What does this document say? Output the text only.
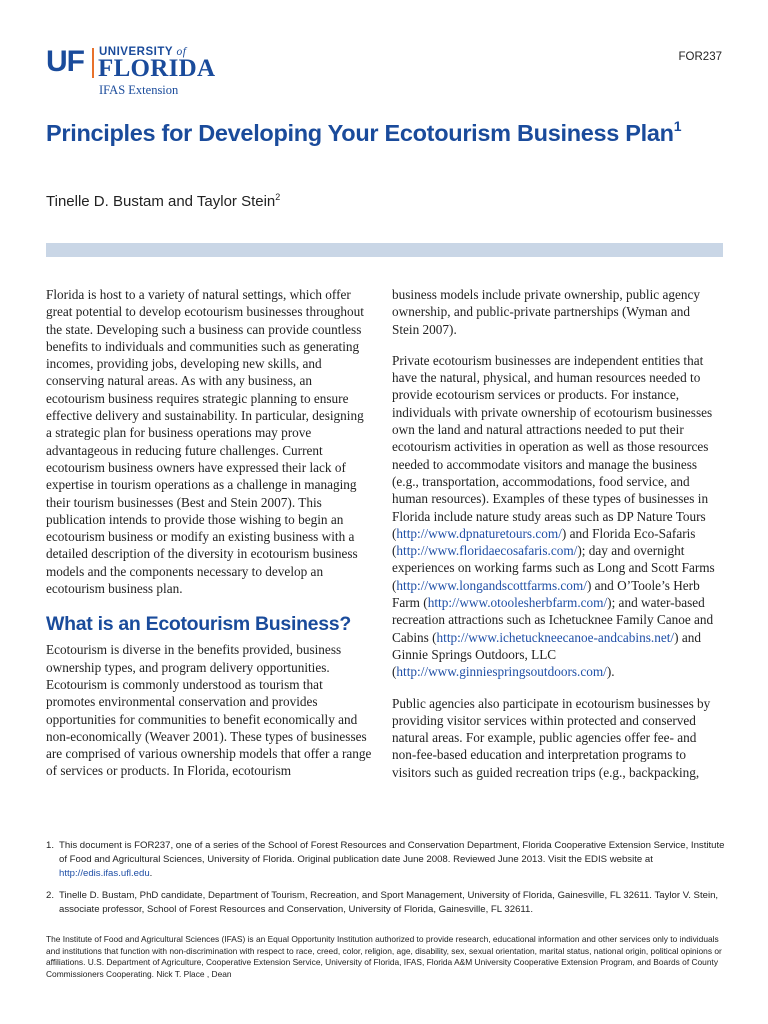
UF UNIVERSITY of
FLORIDA
IFAS Extension
FOR237
Principles for Developing Your Ecotourism Business Plan$^1$
Tinelle D. Bustam and Taylor Stein$^2$

Florida is host to a variety of natural settings, which offer great potential to develop ecotourism businesses throughout the state. Developing such a business can provide countless benefits to individuals and communities such as generating incomes, providing jobs, developing new skills, and conserving natural areas. As with any business, an ecotourism business requires strategic planning to ensure effective delivery and sustainability. In particular, designing a strategic plan for business operations may prove advantageous in reducing future challenges. Current ecotourism business owners have expressed their lack of expertise in tourism operations as a challenge in managing their tourism businesses (Best and Stein 2007). This publication intends to provide those wishing to begin an ecotourism business or modify an existing business with a detailed description of the diversity in ecotourism business models and the components necessary to develop an ecotourism business plan.

What is an Ecotourism Business?

Ecotourism is diverse in the benefits provided, business ownership types, and program delivery opportunities. Ecotourism is commonly understood as tourism that promotes environmental conservation and provides opportunities for communities to benefit economically and non-economically (Weaver 2001). These types of businesses are comprised of various ownership models that offer a range of services or products. In Florida, ecotourism

business models include private ownership, public agency ownership, and public-private partnerships (Wyman and Stein 2007).

Private ecotourism businesses are independent entities that have the natural, physical, and human resources needed to provide ecotourism services or products. For instance, individuals with private ownership of ecotourism businesses own the land and natural attractions needed to put their ecotourism activities in operation as well as those resources needed to accommodate visitors and manage the business (e.g., transportation, accommodations, food service, and human resources). Examples of these types of businesses in Florida include nature study areas such as DP Nature Tours (http://www.dpnaturetours.com/) and Florida Eco-Safaris (http://www.floridaecosafaris.com/); day and overnight experiences on working farms such as Long and Scott Farms (http://www.longandscottfarms.com/) and O’Toole’s Herb Farm (http://www.otoolesherbfarm.com/); and water-based recreation attractions such as Ichetucknee Family Canoe and Cabins (http://www.ichetuckneecanoe-andcabins.net/) and Ginnie Springs Outdoors, LLC (http://www.ginniespringsoutdoors.com/).

Public agencies also participate in ecotourism businesses by providing visitor services within protected and conserved natural areas. For example, public agencies offer fee- and non-fee-based education and interpretation programs to visitors such as guided recreation trips (e.g., backpacking,

1. This document is FOR237, one of a series of the School of Forest Resources and Conservation Department, Florida Cooperative Extension Service, Institute of Food and Agricultural Sciences, University of Florida. Original publication date June 2008. Reviewed June 2013. Visit the EDIS website at http://edis.ifas.ufl.edu.
2. Tinelle D. Bustam, PhD candidate, Department of Tourism, Recreation, and Sport Management, University of Florida, Gainesville, FL 32611. Taylor V. Stein, associate professor, School of Forest Resources and Conservation, University of Florida, Gainesville, FL 32611.
The Institute of Food and Agricultural Sciences (IFAS) is an Equal Opportunity Institution authorized to provide research, educational information and other services only to individuals and institutions that function with non-discrimination with respect to race, creed, color, religion, age, disability, sex, sexual orientation, marital status, national origin, political opinions or affiliations. U.S. Department of Agriculture, Cooperative Extension Service, University of Florida, IFAS, Florida A&M University Cooperative Extension Program, and Boards of County Commissioners Cooperating. Nick T. Place , Dean
